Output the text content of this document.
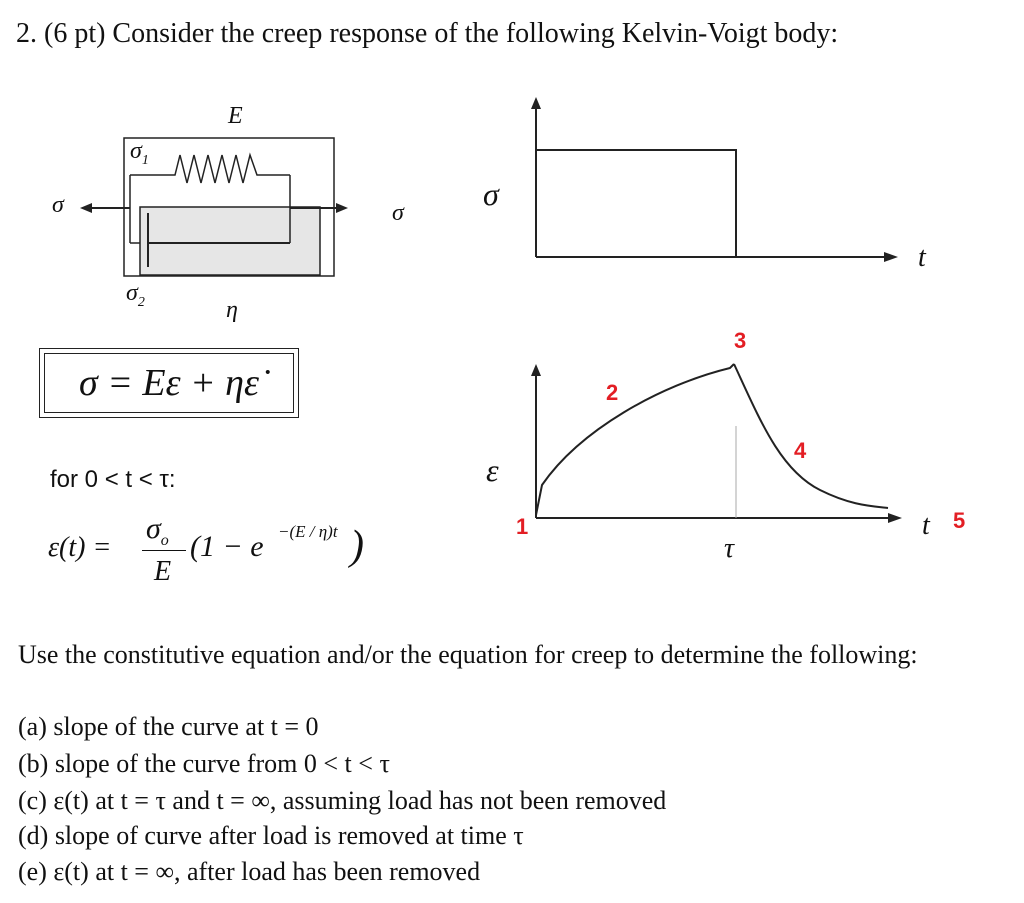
2. (6 pt) Consider the creep response of the following Kelvin-Voigt body:
E
$\sigma_1$
σ	σ
$\sigma_2$	η
σ = Eε + ηε̇
for 0 < t < τ:
ε(t) =
$\sigma_o$
E
(1 − e −(E / η)t )
σ
t
ε
t
τ
1
2
3
4
5
Use the constitutive equation and/or the equation for creep to determine the following:
(a) slope of the curve at t = 0
(b) slope of the curve from 0 < t < τ
(c) ε(t) at t = τ and t = ∞, assuming load has not been removed
(d) slope of curve after load is removed at time τ
(e) ε(t) at t = ∞, after load has been removed
